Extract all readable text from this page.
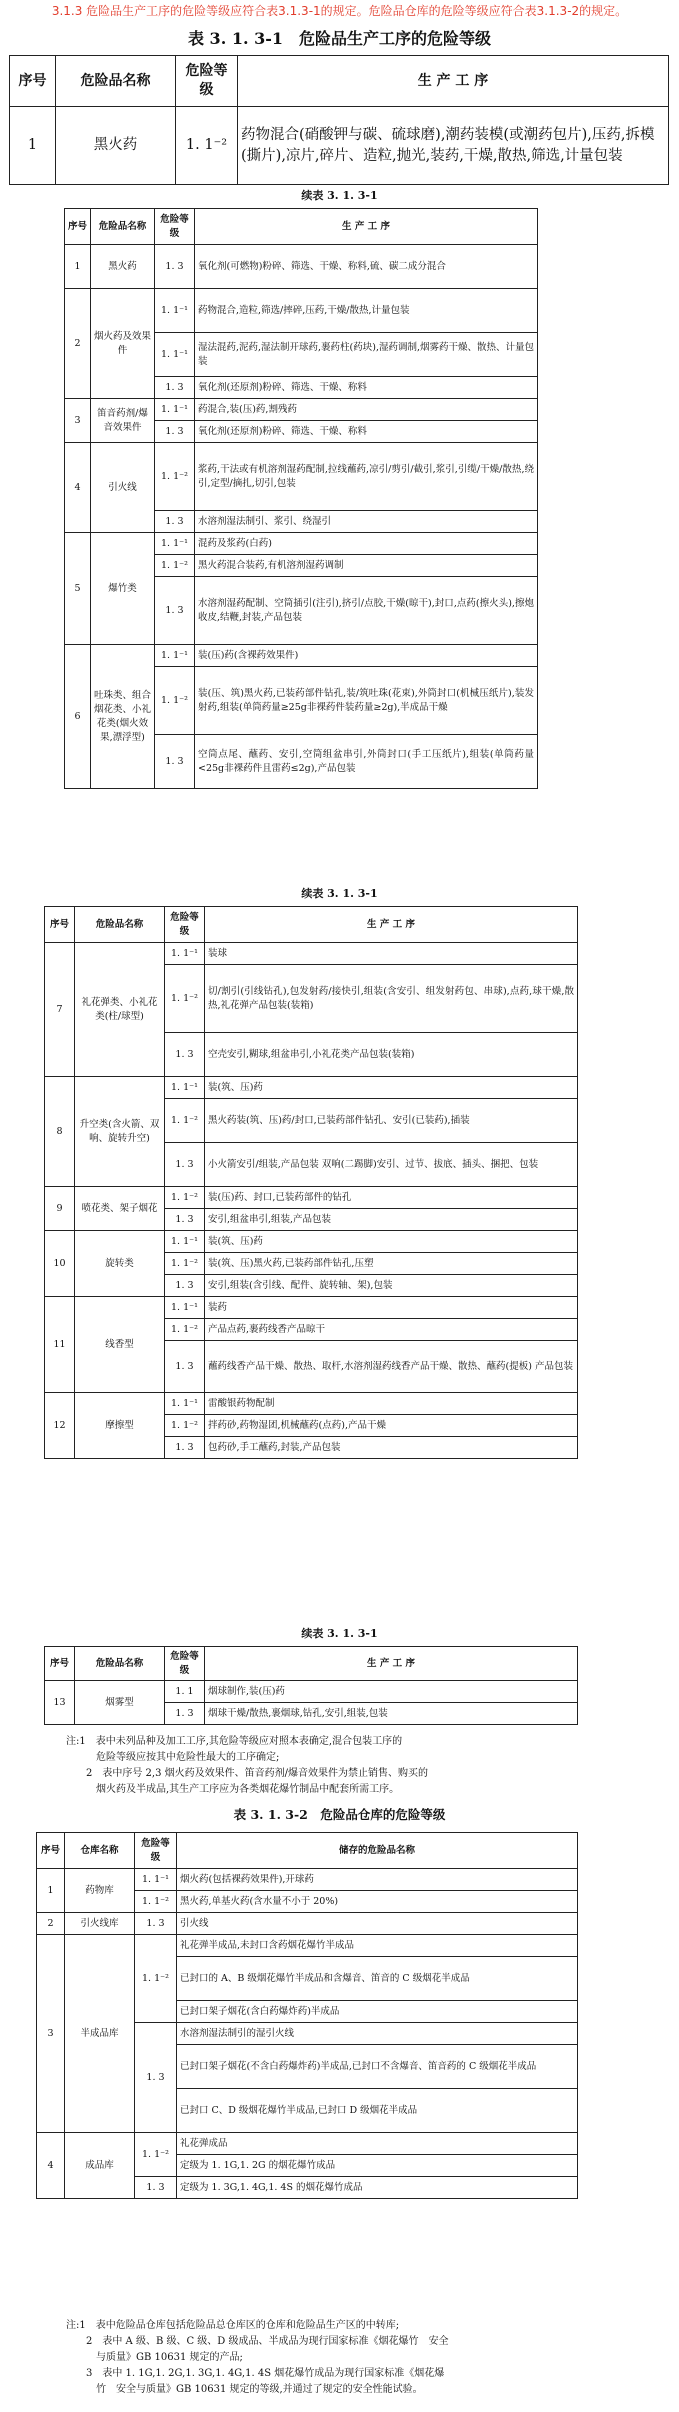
3.1.3 危险品生产工序的危险等级应符合表3.1.3-1的规定。危险品仓库的危险等级应符合表3.1.3-2的规定。
表 3. 1. 3-1　危险品生产工序的危险等级
序号	危险品名称	危险等级	生 产 工 序
1	黑火药	1. 1⁻²	药物混合(硝酸钾与碳、硫球磨),潮药装模(或潮药包片),压药,拆模(撕片),凉片,碎片、造粒,抛光,装药,干燥,散热,筛选,计量包装
续表 3. 1. 3-1
序号	危险品名称	危险等级	生 产 工 序
1	黑火药	1. 3	氧化剂(可燃物)粉碎、筛选、干燥、称料,硫、碳二成分混合
2	烟火药及效果件	1. 1⁻¹	药物混合,造粒,筛选/摔碎,压药,干燥/散热,计量包装
		1. 1⁻¹	湿法混药,泥药,湿法制开球药,裹药柱(药块),湿药调制,烟雾药干燥、散热、计量包装
		1. 3	氧化剂(还原剂)粉碎、筛选、干燥、称料
3	笛音药剂/爆音效果件	1. 1⁻¹	药混合,装(压)药,割残药
		1. 3	氧化剂(还原剂)粉碎、筛选、干燥、称料
4	引火线	1. 1⁻²	浆药,干法或有机溶剂湿药配制,拉线蘸药,凉引/剪引/截引,浆引,引缆/干燥/散热,绕引,定型/摘扎,切引,包装
		1. 3	水溶剂湿法制引、浆引、绕湿引
5	爆竹类	1. 1⁻¹	混药及浆药(白药)
		1. 1⁻²	黑火药混合装药,有机溶剂湿药调制
		1. 3	水溶剂湿药配制、空筒插引(注引),挤引/点胶,干燥(晾干),封口,点药(擦火头),擦炮收皮,结鞭,封装,产品包装
6	吐珠类、组合烟花类、小礼花类(烟火效果,漂浮型)	1. 1⁻¹	装(压)药(含裸药效果件)
		1. 1⁻²	装(压、筑)黑火药,已装药部件钻孔,装/筑吐珠(花束),外筒封口(机械压纸片),装发射药,组装(单筒药量≥25g非裸药件装药量≥2g),半成品干燥
		1. 3	空筒点尾、蘸药、安引,空筒组盆串引,外筒封口(手工压纸片),组装(单筒药量<25g非裸药件且雷药≤2g),产品包装
续表 3. 1. 3-1
序号	危险品名称	危险等级	生 产 工 序
7	礼花弹类、小礼花类(柱/球型)	1. 1⁻¹	装球
		1. 1⁻²	切/割引(引线钻孔),包发射药/接快引,组装(含安引、组发射药包、串球),点药,球干燥,散热,礼花弹产品包装(装箱)
		1. 3	空壳安引,糊球,组盆串引,小礼花类产品包装(装箱)
8	升空类(含火箭、双响、旋转升空)	1. 1⁻¹	装(筑、压)药
		1. 1⁻²	黑火药装(筑、压)药/封口,已装药部件钻孔、安引(已装药),插装
		1. 3	小火箭安引/组装,产品包装 双响(二踢脚)安引、过节、拔底、插头、捆把、包装
9	喷花类、架子烟花	1. 1⁻²	装(压)药、封口,已装药部件的钻孔
		1. 3	安引,组盆串引,组装,产品包装
10	旋转类	1. 1⁻¹	装(筑、压)药
		1. 1⁻²	装(筑、压)黑火药,已装药部件钻孔,压塑
		1. 3	安引,组装(含引线、配件、旋转轴、架),包装
11	线香型	1. 1⁻¹	装药
		1. 1⁻²	产品点药,裹药线香产品晾干
		1. 3	蘸药线香产品干燥、散热、取杆,水溶剂湿药线香产品干燥、散热、蘸药(提板) 产品包装
12	摩擦型	1. 1⁻¹	雷酸银药物配制
		1. 1⁻²	拌药砂,药物湿团,机械蘸药(点药),产品干燥
		1. 3	包药砂,手工蘸药,封装,产品包装
续表 3. 1. 3-1
序号	危险品名称	危险等级	生 产 工 序
13	烟雾型	1. 1	烟球制作,装(压)药
		1. 3	烟球干燥/散热,裹烟球,钻孔,安引,组装,包装
注:1　表中未列品种及加工工序,其危险等级应对照本表确定,混合包装工序的
　　　危险等级应按其中危险性最大的工序确定;
　　2　表中序号 2,3 烟火药及效果件、笛音药剂/爆音效果件为禁止销售、购买的
　　　烟火药及半成品,其生产工序应为各类烟花爆竹制品中配套所需工序。
表 3. 1. 3-2　危险品仓库的危险等级
序号	仓库名称	危险等级	储存的危险品名称
1	药物库	1. 1⁻¹	烟火药(包括裸药效果件),开球药
		1. 1⁻²	黑火药,单基火药(含水量不小于 20%)
2	引火线库	1. 3	引火线
3	半成品库	1. 1⁻²	礼花弹半成品,未封口含药烟花爆竹半成品
			已封口的 A、B 级烟花爆竹半成品和含爆音、笛音的 C 级烟花半成品
			已封口架子烟花(含白药爆炸药)半成品
		1. 3	水溶剂湿法制引的湿引火线
			已封口架子烟花(不含白药爆炸药)半成品,已封口不含爆音、笛音药的 C 级烟花半成品
			已封口 C、D 级烟花爆竹半成品,已封口 D 级烟花半成品
4	成品库	1. 1⁻²	礼花弹成品
			定级为 1. 1G,1. 2G 的烟花爆竹成品
		1. 3	定级为 1. 3G,1. 4G,1. 4S 的烟花爆竹成品
注:1　表中危险品仓库包括危险品总仓库区的仓库和危险品生产区的中转库;
　　2　表中 A 级、B 级、C 级、D 级成品、半成品为现行国家标准《烟花爆竹　安全
　　　与质量》GB 10631 规定的产品;
　　3　表中 1. 1G,1. 2G,1. 3G,1. 4G,1. 4S 烟花爆竹成品为现行国家标准《烟花爆
　　　竹　安全与质量》GB 10631 规定的等级,并通过了规定的安全性能试验。
